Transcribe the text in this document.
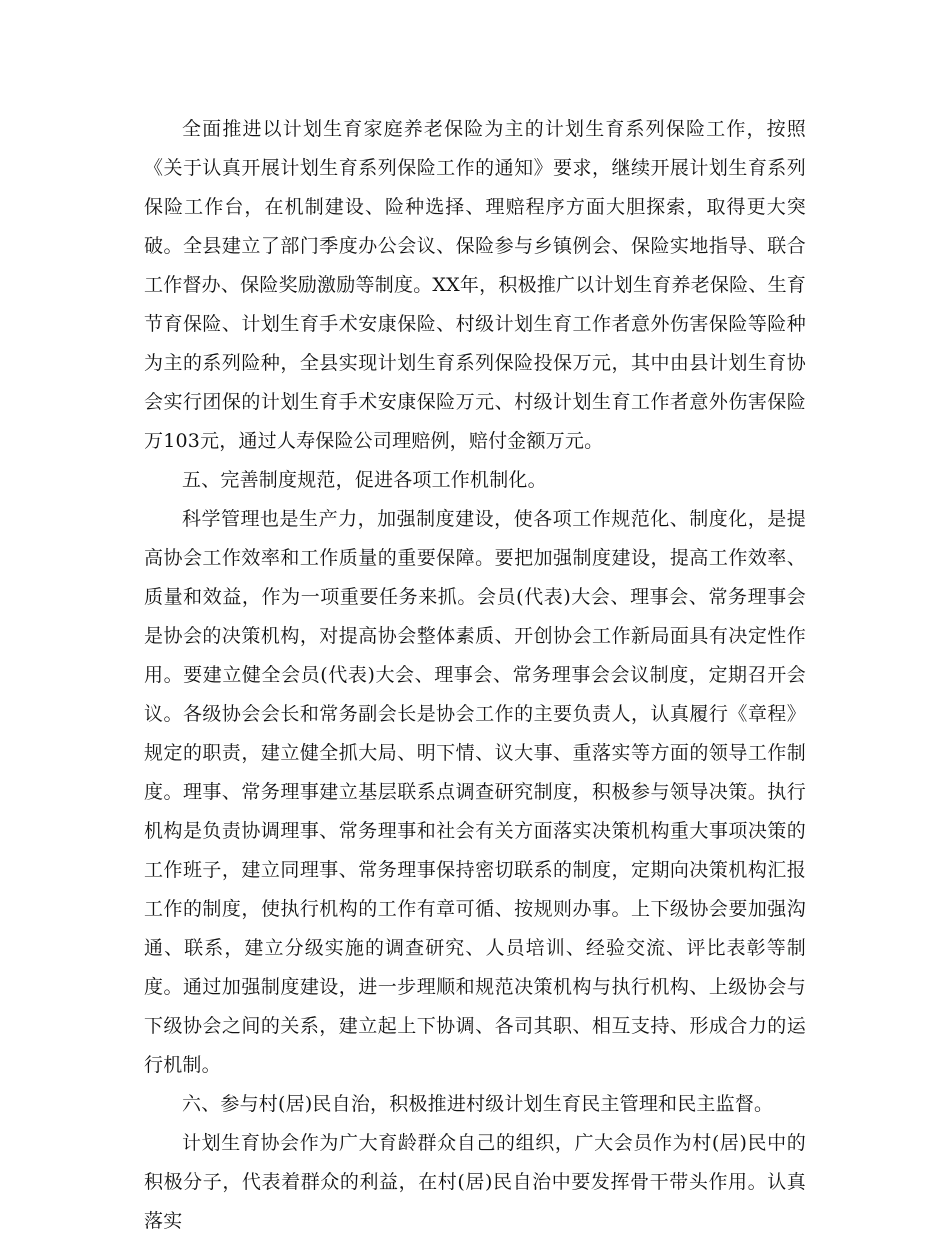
全面推进以计划生育家庭养老保险为主的计划生育系列保险工作，按照《关于认真开展计划生育系列保险工作的通知》要求，继续开展计划生育系列保险工作台，在机制建设、险种选择、理赔程序方面大胆探索，取得更大突破。全县建立了部门季度办公会议、保险参与乡镇例会、保险实地指导、联合工作督办、保险奖励激励等制度。XX年，积极推广以计划生育养老保险、生育节育保险、计划生育手术安康保险、村级计划生育工作者意外伤害保险等险种为主的系列险种，全县实现计划生育系列保险投保万元，其中由县计划生育协会实行团保的计划生育手术安康保险万元、村级计划生育工作者意外伤害保险万103元，通过人寿保险公司理赔例，赔付金额万元。

五、完善制度规范，促进各项工作机制化。

科学管理也是生产力，加强制度建设，使各项工作规范化、制度化，是提高协会工作效率和工作质量的重要保障。要把加强制度建设，提高工作效率、质量和效益，作为一项重要任务来抓。会员(代表)大会、理事会、常务理事会是协会的决策机构，对提高协会整体素质、开创协会工作新局面具有决定性作用。要建立健全会员(代表)大会、理事会、常务理事会会议制度，定期召开会议。各级协会会长和常务副会长是协会工作的主要负责人，认真履行《章程》规定的职责，建立健全抓大局、明下情、议大事、重落实等方面的领导工作制度。理事、常务理事建立基层联系点调查研究制度，积极参与领导决策。执行机构是负责协调理事、常务理事和社会有关方面落实决策机构重大事项决策的工作班子，建立同理事、常务理事保持密切联系的制度，定期向决策机构汇报工作的制度，使执行机构的工作有章可循、按规则办事。上下级协会要加强沟通、联系，建立分级实施的调查研究、人员培训、经验交流、评比表彰等制度。通过加强制度建设，进一步理顺和规范决策机构与执行机构、上级协会与下级协会之间的关系，建立起上下协调、各司其职、相互支持、形成合力的运行机制。

六、参与村(居)民自治，积极推进村级计划生育民主管理和民主监督。

计划生育协会作为广大育龄群众自己的组织，广大会员作为村(居)民中的积极分子，代表着群众的利益，在村(居)民自治中要发挥骨干带头作用。认真落实
